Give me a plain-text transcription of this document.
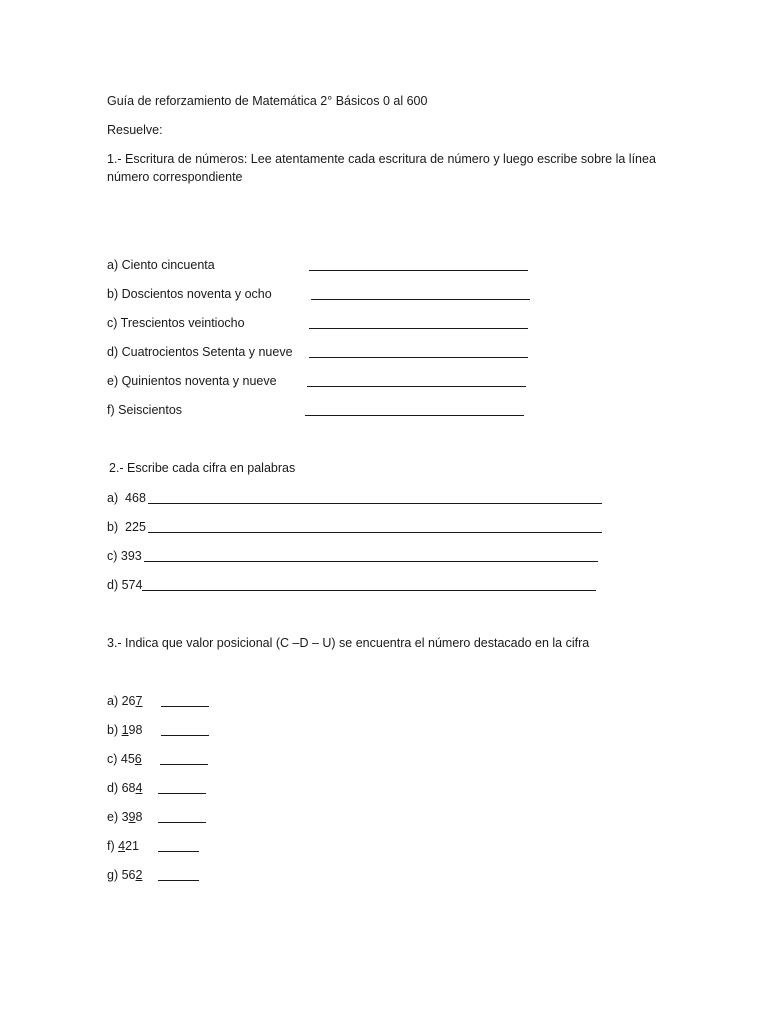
Guía de reforzamiento de Matemática 2° Básicos 0 al 600
Resuelve:
1.- Escritura de números: Lee atentamente cada escritura de número y luego escribe sobre la línea
número correspondiente
a) Ciento cincuenta
b) Doscientos noventa y ocho
c) Trescientos veintiocho
d) Cuatrocientos Setenta y nueve
e) Quinientos noventa y nueve
f) Seiscientos
2.- Escribe cada cifra en palabras
a)  468
b)  225
c) 393
d) 574
3.- Indica que valor posicional (C –D – U) se encuentra el número destacado en la cifra
a) 267
b) 198
c) 456
d) 684
e) 398
f) 421
g) 562
